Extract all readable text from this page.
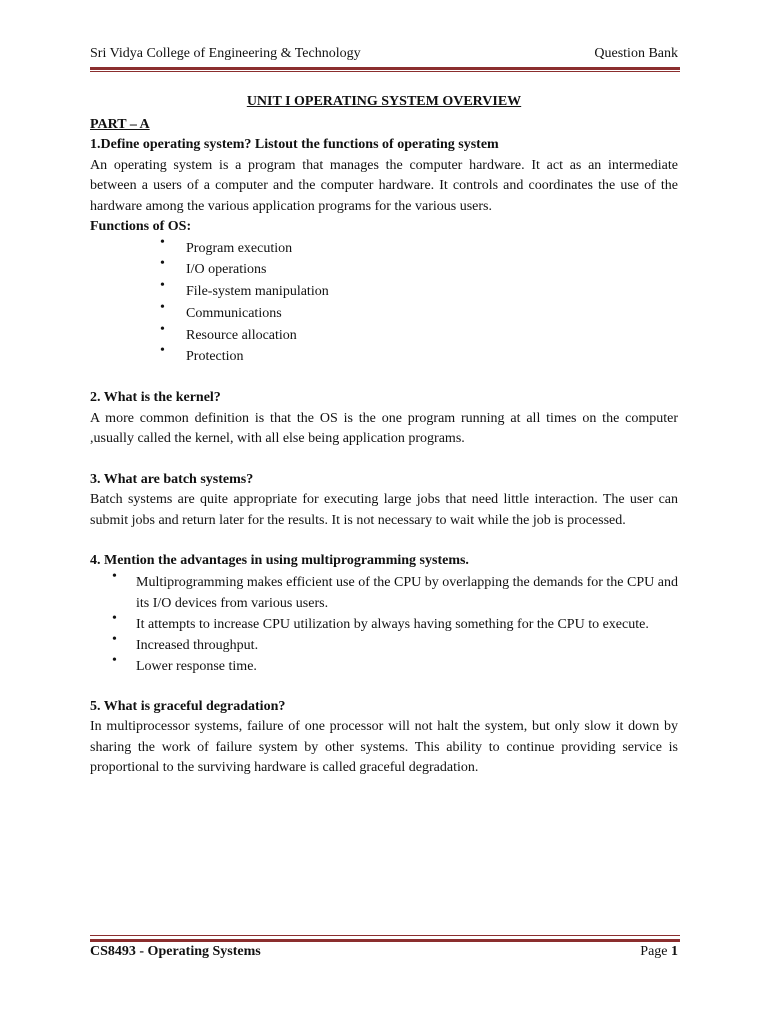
Sri Vidya College of Engineering & Technology	Question Bank

UNIT I OPERATING SYSTEM OVERVIEW

PART – A

1.Define operating system? Listout the functions of operating system

An operating system is a program that manages the computer hardware. It act as an intermediate between a users of a computer and the computer hardware. It controls and coordinates the use of the hardware among the various application programs for the various users.

Functions of OS:

• Program execution
• I/O operations
• File-system manipulation
• Communications
• Resource allocation
• Protection

2. What is the kernel?

A more common definition is that the OS is the one program running at all times on the computer ,usually called the kernel, with all else being application programs.

3. What are batch systems?

Batch systems are quite appropriate for executing large jobs that need little interaction. The user can submit jobs and return later for the results. It is not necessary to wait while the job is processed.

4. Mention the advantages in using multiprogramming systems.

• Multiprogramming makes efficient use of the CPU by overlapping the demands for the CPU and its I/O devices from various users.
• It attempts to increase CPU utilization by always having something for the CPU to execute.
• Increased throughput.
• Lower response time.

5. What is graceful degradation?

In multiprocessor systems, failure of one processor will not halt the system, but only slow it down by sharing the work of failure system by other systems. This ability to continue providing service is proportional to the surviving hardware is called graceful degradation.

CS8493 - Operating Systems	Page 1
